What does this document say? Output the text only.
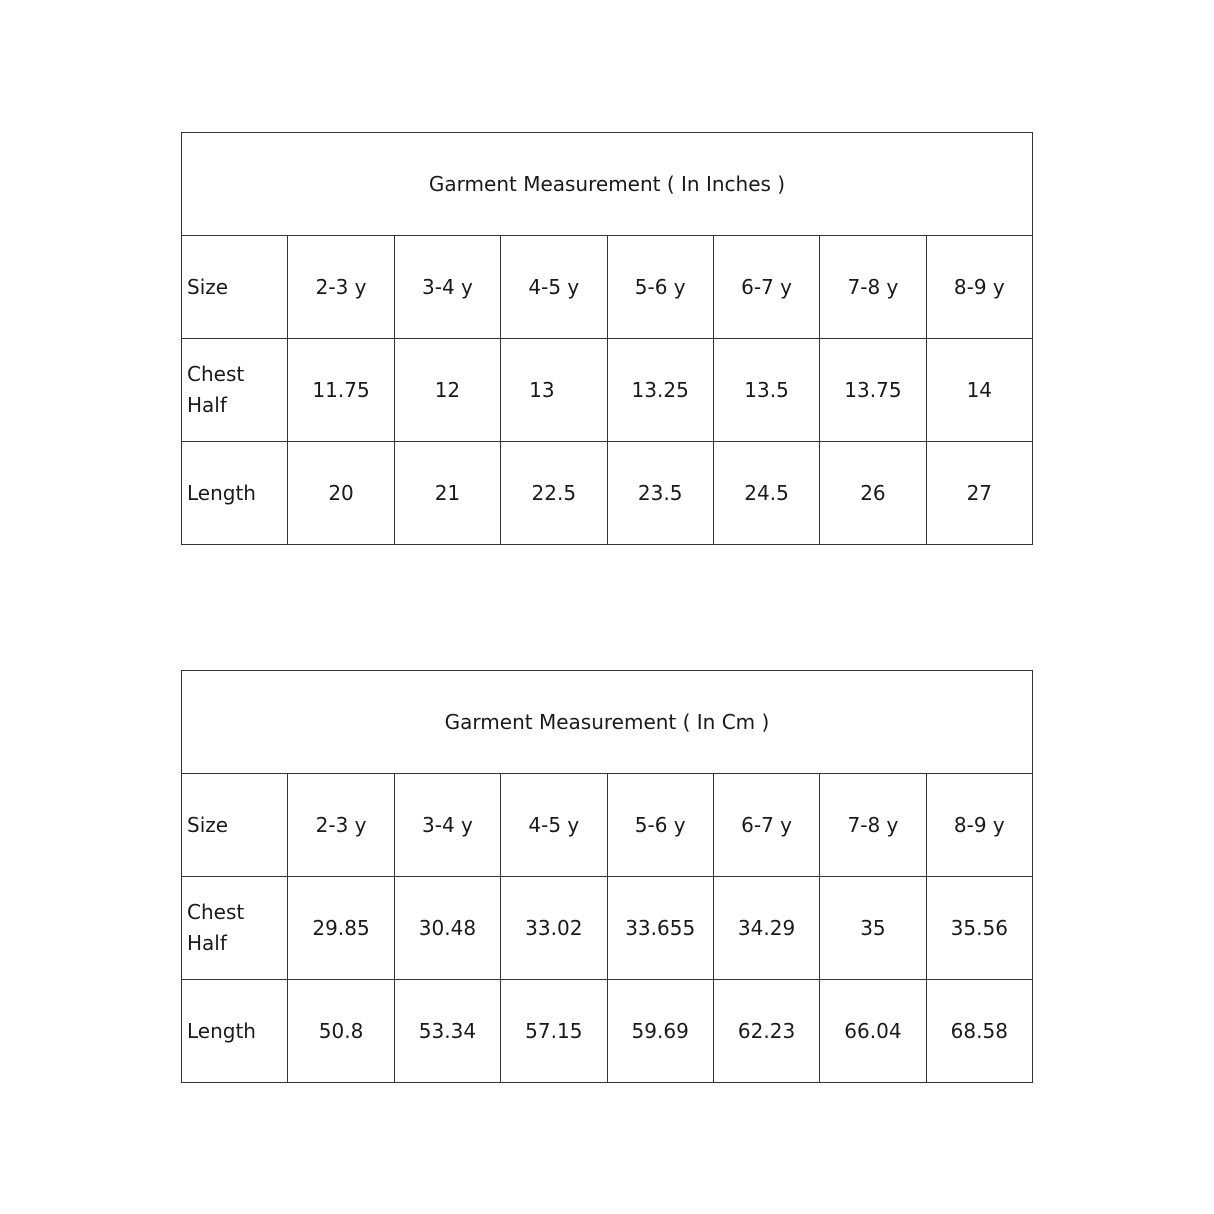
Garment Measurement ( In Inches )							

Size	2-3 y	3-4 y	4-5 y	5-6 y	6-7 y	7-8 y	8-9 y

Chest
Half	11.75	12	13	13.25	13.5	13.75	14

Length	20	21	22.5	23.5	24.5	26	27
Garment Measurement ( In Cm )							

Size	2-3 y	3-4 y	4-5 y	5-6 y	6-7 y	7-8 y	8-9 y

Chest
Half	29.85	30.48	33.02	33.655	34.29	35	35.56

Length	50.8	53.34	57.15	59.69	62.23	66.04	68.58
